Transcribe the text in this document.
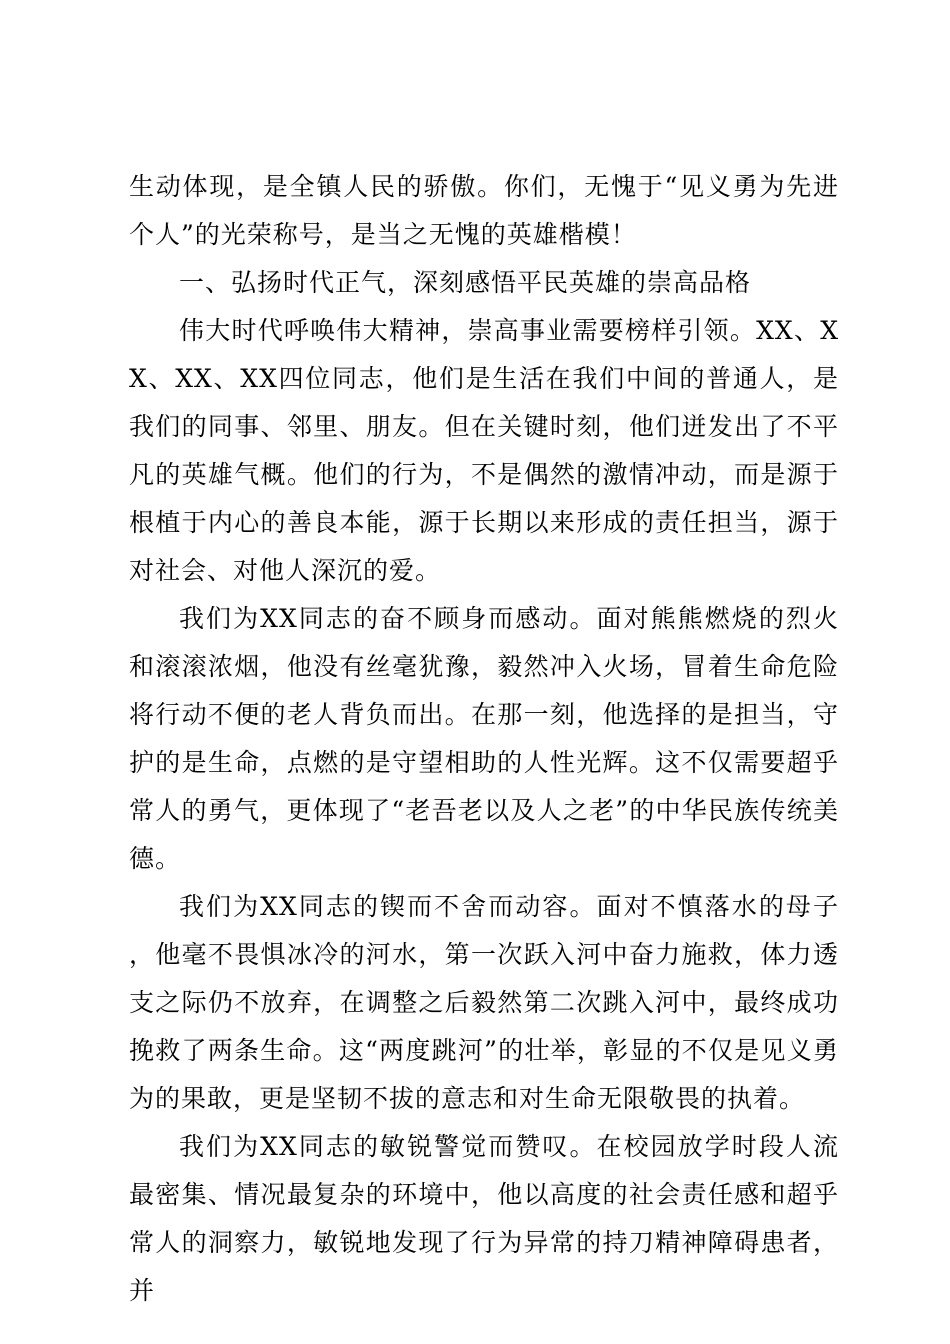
生动体现，是全镇人民的骄傲。你们，无愧于“见义勇为先进个人”的光荣称号，是当之无愧的英雄楷模！

一、弘扬时代正气，深刻感悟平民英雄的崇高品格

伟大时代呼唤伟大精神，崇高事业需要榜样引领。XX、XX、XX、XX四位同志，他们是生活在我们中间的普通人，是我们的同事、邻里、朋友。但在关键时刻，他们迸发出了不平凡的英雄气概。他们的行为，不是偶然的激情冲动，而是源于根植于内心的善良本能，源于长期以来形成的责任担当，源于对社会、对他人深沉的爱。

我们为XX同志的奋不顾身而感动。面对熊熊燃烧的烈火和滚滚浓烟，他没有丝毫犹豫，毅然冲入火场，冒着生命危险将行动不便的老人背负而出。在那一刻，他选择的是担当，守护的是生命，点燃的是守望相助的人性光辉。这不仅需要超乎常人的勇气，更体现了“老吾老以及人之老”的中华民族传统美德。

我们为XX同志的锲而不舍而动容。面对不慎落水的母子，他毫不畏惧冰冷的河水，第一次跃入河中奋力施救，体力透支之际仍不放弃，在调整之后毅然第二次跳入河中，最终成功挽救了两条生命。这“两度跳河”的壮举，彰显的不仅是见义勇为的果敢，更是坚韧不拔的意志和对生命无限敬畏的执着。

我们为XX同志的敏锐警觉而赞叹。在校园放学时段人流最密集、情况最复杂的环境中，他以高度的社会责任感和超乎常人的洞察力，敏锐地发现了行为异常的持刀精神障碍患者，并
